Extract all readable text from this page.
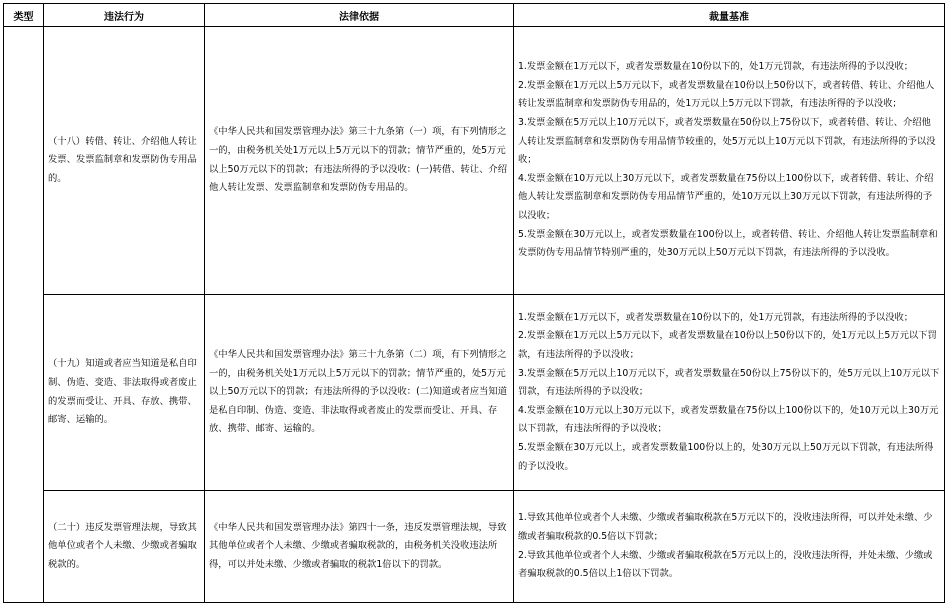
类型	违法行为	法律依据	裁量基准
	（十八）转借、转让、介绍他人转让发票、发票监制章和发票防伪专用品的。	《中华人民共和国发票管理办法》第三十九条第（一）项，有下列情形之一的，由税务机关处1万元以上5万元以下的罚款；情节严重的，处5万元以上50万元以下的罚款；有违法所得的予以没收：(一)转借、转让、介绍他人转让发票、发票监制章和发票防伪专用品的。	1.发票金额在1万元以下，或者发票数量在10份以下的，处1万元罚款，有违法所得的予以没收；

2.发票金额在1万元以上5万元以下，或者发票数量在10份以上50份以下，或者转借、转让、介绍他人转让发票监制章和发票防伪专用品的，处1万元以上5万元以下罚款，有违法所得的予以没收；

3.发票金额在5万元以上10万元以下，或者发票数量在50份以上75份以下，或者转借、转让、介绍他人转让发票监制章和发票防伪专用品情节较重的，处5万元以上10万元以下罚款，有违法所得的予以没收；

4.发票金额在10万元以上30万元以下，或者发票数量在75份以上100份以下，或者转借、转让、介绍他人转让发票监制章和发票防伪专用品情节严重的，处10万元以上30万元以下罚款，有违法所得的予以没收；

5.发票金额在30万元以上，或者发票数量在100份以上，或者转借、转让、介绍他人转让发票监制章和发票防伪专用品情节特别严重的，处30万元以上50万元以下罚款，有违法所得的予以没收。

	（十九）知道或者应当知道是私自印制、伪造、变造、非法取得或者废止的发票而受让、开具、存放、携带、邮寄、运输的。	《中华人民共和国发票管理办法》第三十九条第（二）项，有下列情形之一的，由税务机关处1万元以上5万元以下的罚款；情节严重的，处5万元以上50万元以下的罚款；有违法所得的予以没收：(二)知道或者应当知道是私自印制、伪造、变造、非法取得或者废止的发票而受让、开具、存放、携带、邮寄、运输的。	1.发票金额在1万元以下，或者发票数量在10份以下的，处1万元罚款，有违法所得的予以没收；

2.发票金额在1万元以上5万元以下，或者发票数量在10份以上50份以下的，处1万元以上5万元以下罚款，有违法所得的予以没收；

3.发票金额在5万元以上10万元以下，或者发票数量在50份以上75份以下的，处5万元以上10万元以下罚款，有违法所得的予以没收；

4.发票金额在10万元以上30万元以下，或者发票数量在75份以上100份以下的，处10万元以上30万元以下罚款，有违法所得的予以没收；

5.发票金额在30万元以上，或者发票数量100份以上的，处30万元以上50万元以下罚款，有违法所得的予以没收。

	（二十）违反发票管理法规，导致其他单位或者个人未缴、少缴或者骗取税款的。	《中华人民共和国发票管理办法》第四十一条，违反发票管理法规，导致其他单位或者个人未缴、少缴或者骗取税款的，由税务机关没收违法所得，可以并处未缴、少缴或者骗取的税款1倍以下的罚款。	1.导致其他单位或者个人未缴、少缴或者骗取税款在5万元以下的，没收违法所得，可以并处未缴、少缴或者骗取税款的0.5倍以下罚款；

2.导致其他单位或者个人未缴、少缴或者骗取税款在5万元以上的，没收违法所得，并处未缴、少缴或者骗取税款的0.5倍以上1倍以下罚款。
